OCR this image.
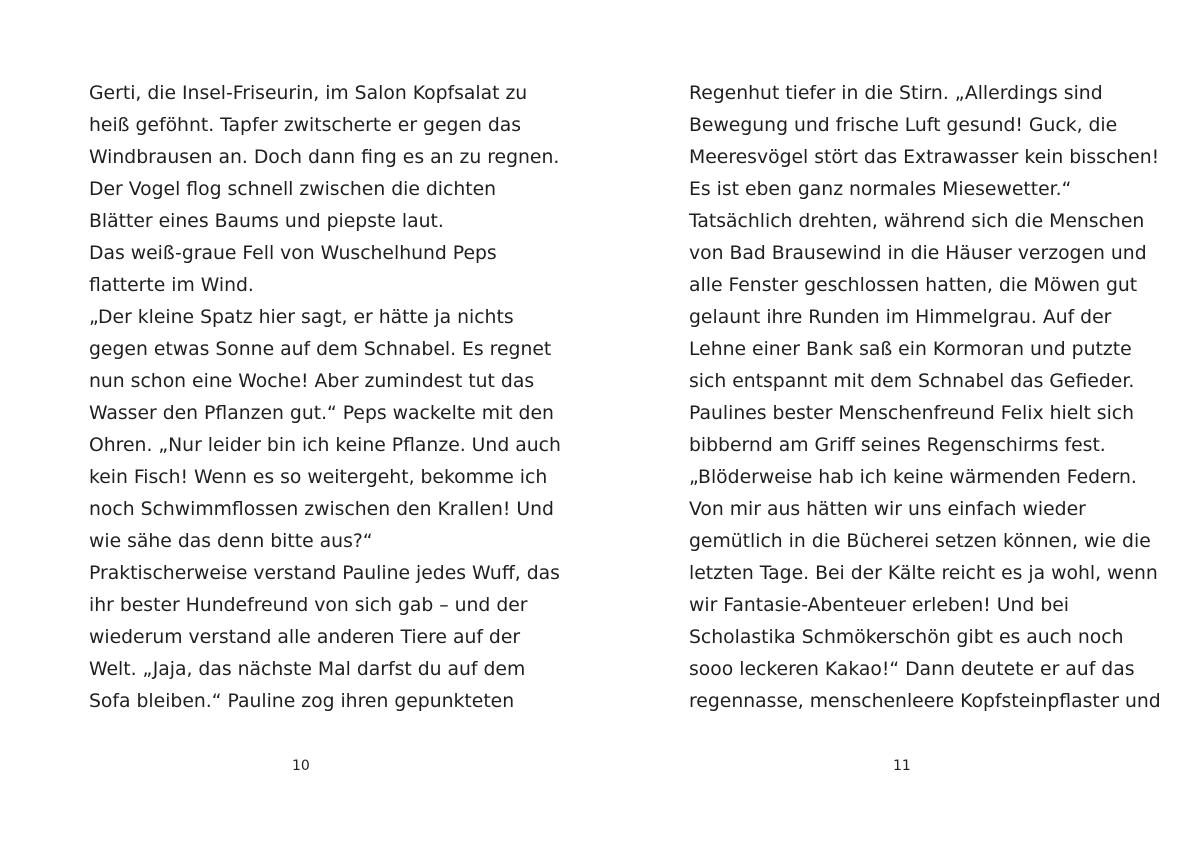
Gerti, die Insel-Friseurin, im Salon Kopfsalat zu
heiß geföhnt. Tapfer zwitscherte er gegen das
Windbrausen an. Doch dann fing es an zu regnen.
Der Vogel flog schnell zwischen die dichten
Blätter eines Baums und piepste laut.
Das weiß-graue Fell von Wuschelhund Peps
flatterte im Wind.
„Der kleine Spatz hier sagt, er hätte ja nichts
gegen etwas Sonne auf dem Schnabel. Es regnet
nun schon eine Woche! Aber zumindest tut das
Wasser den Pflanzen gut.“ Peps wackelte mit den
Ohren. „Nur leider bin ich keine Pflanze. Und auch
kein Fisch! Wenn es so weitergeht, bekomme ich
noch Schwimmflossen zwischen den Krallen! Und
wie sähe das denn bitte aus?“
Praktischerweise verstand Pauline jedes Wuff, das
ihr bester Hundefreund von sich gab – und der
wiederum verstand alle anderen Tiere auf der
Welt. „Jaja, das nächste Mal darfst du auf dem
Sofa bleiben.“ Pauline zog ihren gepunkteten
10
Regenhut tiefer in die Stirn. „Allerdings sind
Bewegung und frische Luft gesund! Guck, die
Meeresvögel stört das Extrawasser kein bisschen!
Es ist eben ganz normales Miesewetter.“
Tatsächlich drehten, während sich die Menschen
von Bad Brausewind in die Häuser verzogen und
alle Fenster geschlossen hatten, die Möwen gut
gelaunt ihre Runden im Himmelgrau. Auf der
Lehne einer Bank saß ein Kormoran und putzte
sich entspannt mit dem Schnabel das Gefieder.
Paulines bester Menschenfreund Felix hielt sich
bibbernd am Griff seines Regenschirms fest.
„Blöderweise hab ich keine wärmenden Federn.
Von mir aus hätten wir uns einfach wieder
gemütlich in die Bücherei setzen können, wie die
letzten Tage. Bei der Kälte reicht es ja wohl, wenn
wir Fantasie-Abenteuer erleben! Und bei
Scholastika Schmökerschön gibt es auch noch
sooo leckeren Kakao!“ Dann deutete er auf das
regennasse, menschenleere Kopfsteinpflaster und
11
